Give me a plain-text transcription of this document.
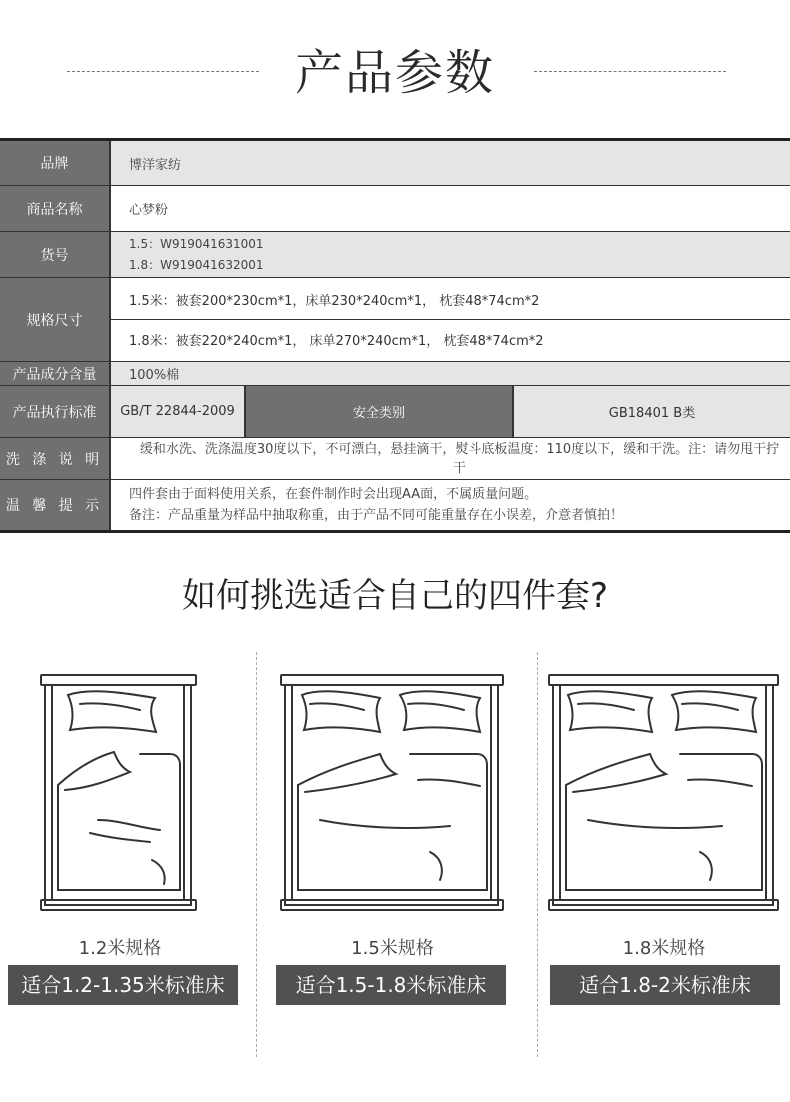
产品参数
品牌	博洋家纺		
商品名称	心梦粉		
货号	1.5：W919041631001
1.8：W919041632001		

规格尺寸	1.5米：被套200*230cm*1，床单230*240cm*1， 枕套48*74cm*2
1.8米：被套220*240cm*1， 床单270*240cm*1， 枕套48*74cm*2		

产品成分含量	100%棉		
产品执行标准	GB/T 22844-2009	安全类别	GB18401 B类
洗 涤 说 明	缓和水洗、洗涤温度30度以下，不可漂白，悬挂滴干，熨斗底板温度：110度以下，缓和干洗。注：请勿甩干拧
干		

温 馨 提 示	四件套由于面料使用关系，在套件制作时会出现AA面，不属质量问题。
备注：产品重量为样品中抽取称重，由于产品不同可能重量存在小误差，介意者慎拍！		
如何挑选适合自己的四件套?
1.2米规格
适合1.2-1.35米标准床
1.5米规格
适合1.5-1.8米标准床
1.8米规格
适合1.8-2米标准床
